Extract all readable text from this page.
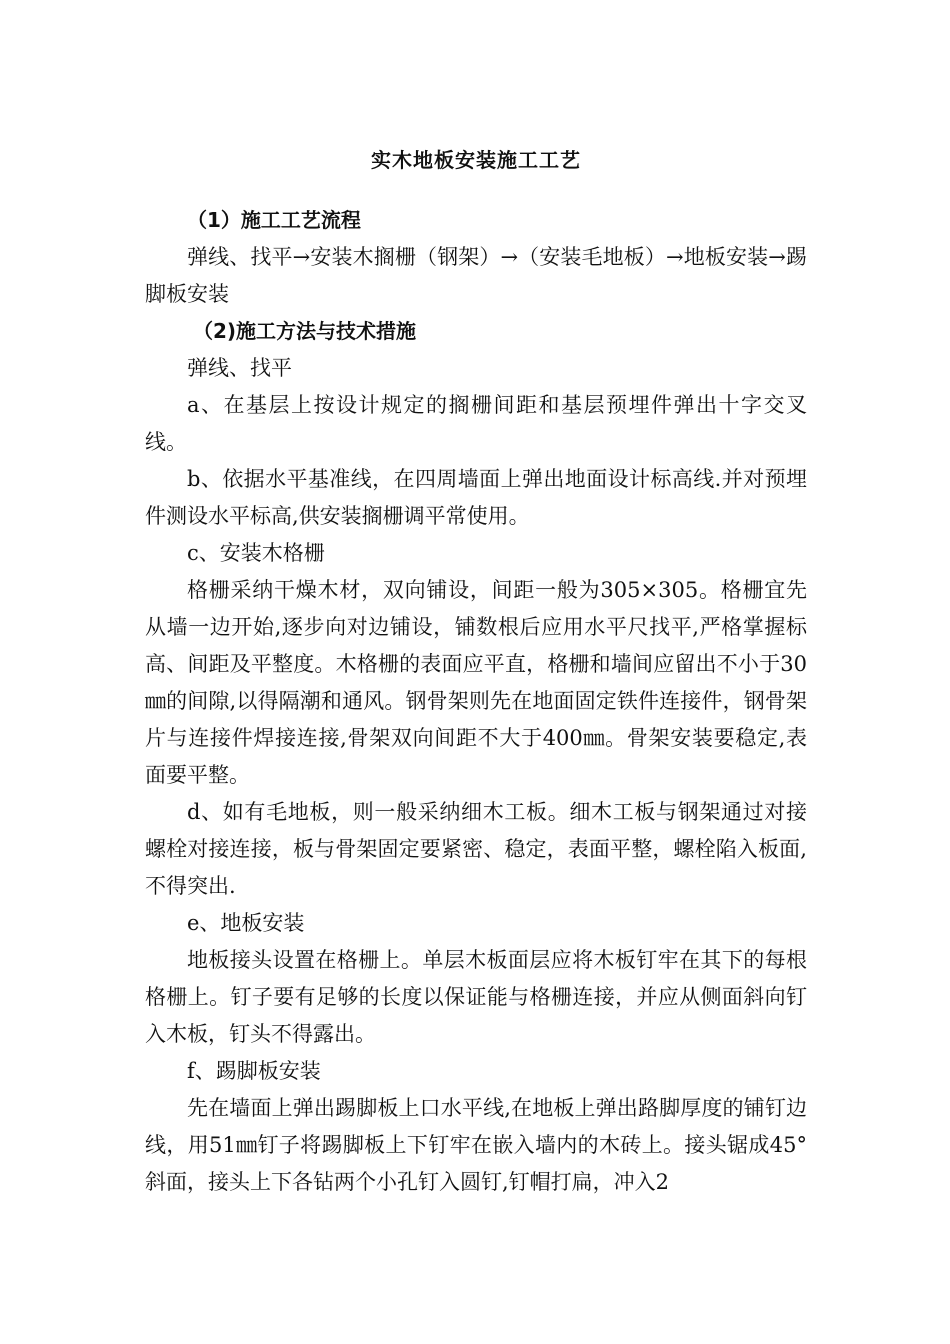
实木地板安装施工工艺
（1）施工工艺流程

弹线、找平→安装木搁栅（钢架）→（安装毛地板）→地板安装→踢脚板安装

（2)施工方法与技术措施

弹线、找平

a、在基层上按设计规定的搁栅间距和基层预埋件弹出十字交叉线。

b、依据水平基准线，在四周墙面上弹出地面设计标高线.并对预埋件测设水平标高,供安装搁栅调平常使用。

c、安装木格栅

格栅采纳干燥木材，双向铺设，间距一般为305×305。格栅宜先从墙一边开始,逐步向对边铺设，铺数根后应用水平尺找平,严格掌握标高、间距及平整度。木格栅的表面应平直，格栅和墙间应留出不小于30㎜的间隙,以得隔潮和通风。钢骨架则先在地面固定铁件连接件，钢骨架片与连接件焊接连接,骨架双向间距不大于400㎜。骨架安装要稳定,表面要平整。

d、如有毛地板，则一般采纳细木工板。细木工板与钢架通过对接螺栓对接连接，板与骨架固定要紧密、稳定，表面平整，螺栓陷入板面,不得突出.

e、地板安装

地板接头设置在格栅上。单层木板面层应将木板钉牢在其下的每根格栅上。钉子要有足够的长度以保证能与格栅连接，并应从侧面斜向钉入木板，钉头不得露出。

f、踢脚板安装

先在墙面上弹出踢脚板上口水平线,在地板上弹出路脚厚度的铺钉边线，用51㎜钉子将踢脚板上下钉牢在嵌入墙内的木砖上。接头锯成45°斜面，接头上下各钻两个小孔钉入圆钉,钉帽打扁，冲入2
